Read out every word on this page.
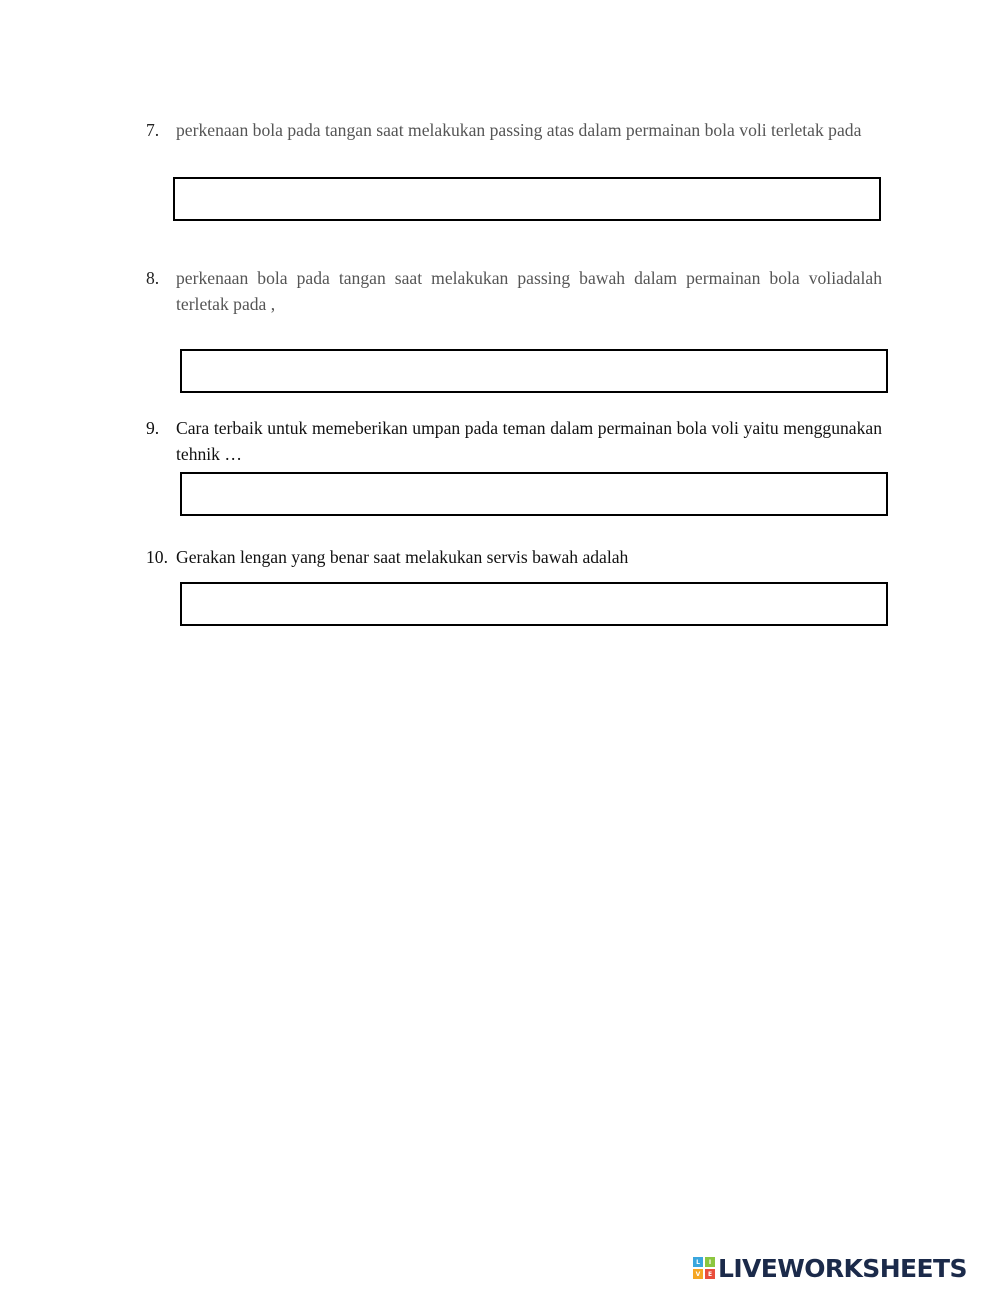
7. perkenaan bola pada tangan saat melakukan passing atas dalam permainan bola voli terletak pada
8. perkenaan bola pada tangan saat melakukan passing bawah dalam permainan bola voliadalah terletak pada ,
9. Cara terbaik untuk memeberikan umpan pada teman dalam permainan bola voli yaitu menggunakan tehnik …
10. Gerakan lengan yang benar saat melakukan servis bawah adalah
L	I
V	E LIVEWORKSHEETS
